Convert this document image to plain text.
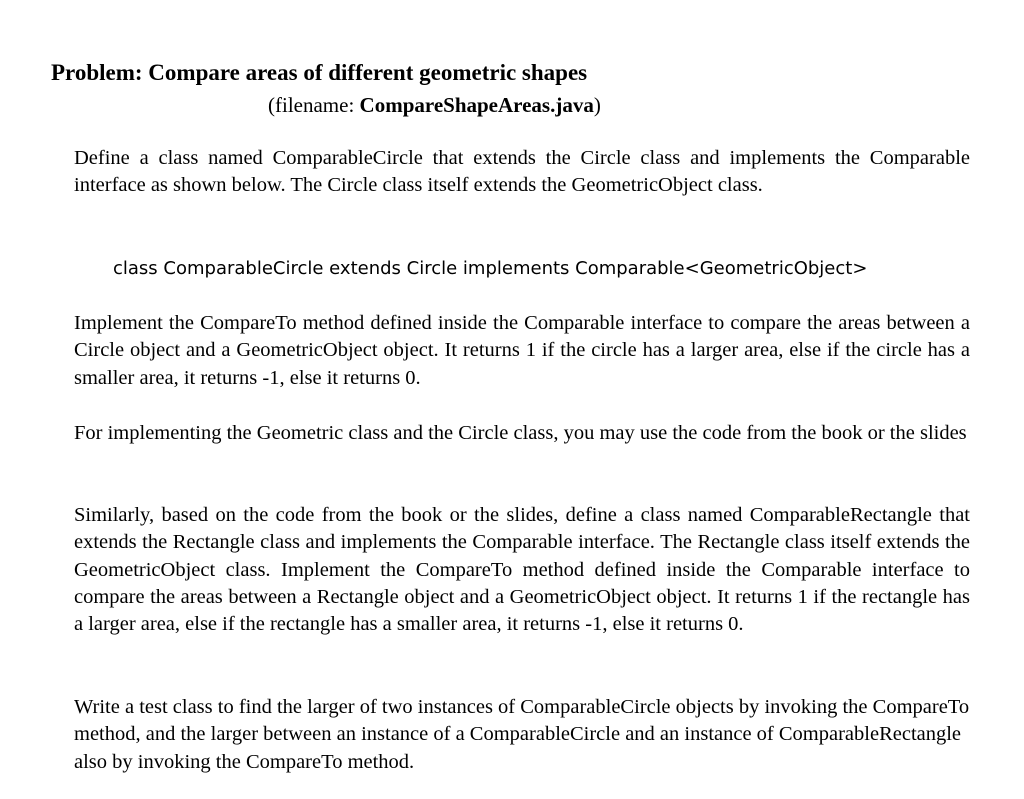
Problem: Compare areas of different geometric shapes
(filename: CompareShapeAreas.java)

Define a class named ComparableCircle that extends the Circle class and implements the Comparable interface as shown below. The Circle class itself extends the GeometricObject class.

class ComparableCircle extends Circle implements Comparable<GeometricObject>

Implement the CompareTo method defined inside the Comparable interface to compare the areas between a Circle object and a GeometricObject object. It returns 1 if the circle has a larger area, else if the circle has a smaller area, it returns -1, else it returns 0.

For implementing the Geometric class and the Circle class, you may use the code from the book or the slides

Similarly, based on the code from the book or the slides, define a class named ComparableRectangle that extends the Rectangle class and implements the Comparable interface. The Rectangle class itself extends the GeometricObject class. Implement the CompareTo method defined inside the Comparable interface to compare the areas between a Rectangle object and a GeometricObject object. It returns 1 if the rectangle has a larger area, else if the rectangle has a smaller area, it returns -1, else it returns 0.

Write a test class to find the larger of two instances of ComparableCircle objects by invoking the CompareTo method, and the larger between an instance of a ComparableCircle and an instance of ComparableRectangle also by invoking the CompareTo method.
